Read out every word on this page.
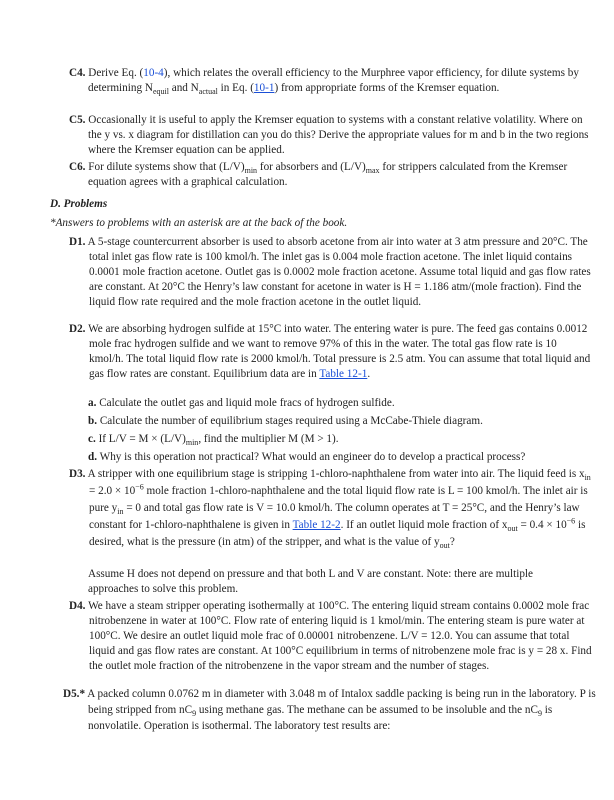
C4. Derive Eq. (10-4), which relates the overall efficiency to the Murphree vapor efficiency, for dilute systems by determining $N_{equil}$ and $N_{actual}$ in Eq. (10-1) from appropriate forms of the Kremser equation.

C5. Occasionally it is useful to apply the Kremser equation to systems with a constant relative volatility. Where on the y vs. x diagram for distillation can you do this? Derive the appropriate values for m and b in the two regions where the Kremser equation can be applied.

C6. For dilute systems show that $(L/V)_{min}$ for absorbers and $(L/V)_{max}$ for strippers calculated from the Kremser equation agrees with a graphical calculation.

D. Problems

*Answers to problems with an asterisk are at the back of the book.

D1. A 5-stage countercurrent absorber is used to absorb acetone from air into water at 3 atm pressure and 20°C. The total inlet gas flow rate is 100 kmol/h. The inlet gas is 0.004 mole fraction acetone. The inlet liquid contains 0.0001 mole fraction acetone. Outlet gas is 0.0002 mole fraction acetone. Assume total liquid and gas flow rates are constant. At 20°C the Henry’s law constant for acetone in water is H = 1.186 atm/(mole fraction). Find the liquid flow rate required and the mole fraction acetone in the outlet liquid.

D2. We are absorbing hydrogen sulfide at 15°C into water. The entering water is pure. The feed gas contains 0.0012 mole frac hydrogen sulfide and we want to remove 97% of this in the water. The total gas flow rate is 10 kmol/h. The total liquid flow rate is 2000 kmol/h. Total pressure is 2.5 atm. You can assume that total liquid and gas flow rates are constant. Equilibrium data are in Table 12-1.

a. Calculate the outlet gas and liquid mole fracs of hydrogen sulfide.

b. Calculate the number of equilibrium stages required using a McCabe-Thiele diagram.

c. If $L/V = M \times (L/V)_{min}$, find the multiplier M (M > 1).

d. Why is this operation not practical? What would an engineer do to develop a practical process?

D3. A stripper with one equilibrium stage is stripping 1-chloro-naphthalene from water into air. The liquid feed is $x_{in} = 2.0 \times 10^{-6}$ mole fraction 1-chloro-naphthalene and the total liquid flow rate is L = 100 kmol/h. The inlet air is pure $y_{in} = 0$ and total gas flow rate is V = 10.0 kmol/h. The column operates at T = 25°C, and the Henry’s law constant for 1-chloro-naphthalene is given in Table 12-2. If an outlet liquid mole fraction of $x_{out} = 0.4 \times 10^{-6}$ is desired, what is the pressure (in atm) of the stripper, and what is the value of $y_{out}$?

Assume H does not depend on pressure and that both L and V are constant. Note: there are multiple approaches to solve this problem.

D4. We have a steam stripper operating isothermally at 100°C. The entering liquid stream contains 0.0002 mole frac nitrobenzene in water at 100°C. Flow rate of entering liquid is 1 kmol/min. The entering steam is pure water at 100°C. We desire an outlet liquid mole frac of 0.00001 nitrobenzene. L/V = 12.0. You can assume that total liquid and gas flow rates are constant. At 100°C equilibrium in terms of nitrobenzene mole frac is y = 28 x. Find the outlet mole fraction of the nitrobenzene in the vapor stream and the number of stages.

D5.* A packed column 0.0762 m in diameter with 3.048 m of Intalox saddle packing is being run in the laboratory. P is being stripped from $nC_9$ using methane gas. The methane can be assumed to be insoluble and the $nC_9$ is nonvolatile. Operation is isothermal. The laboratory test results are:
